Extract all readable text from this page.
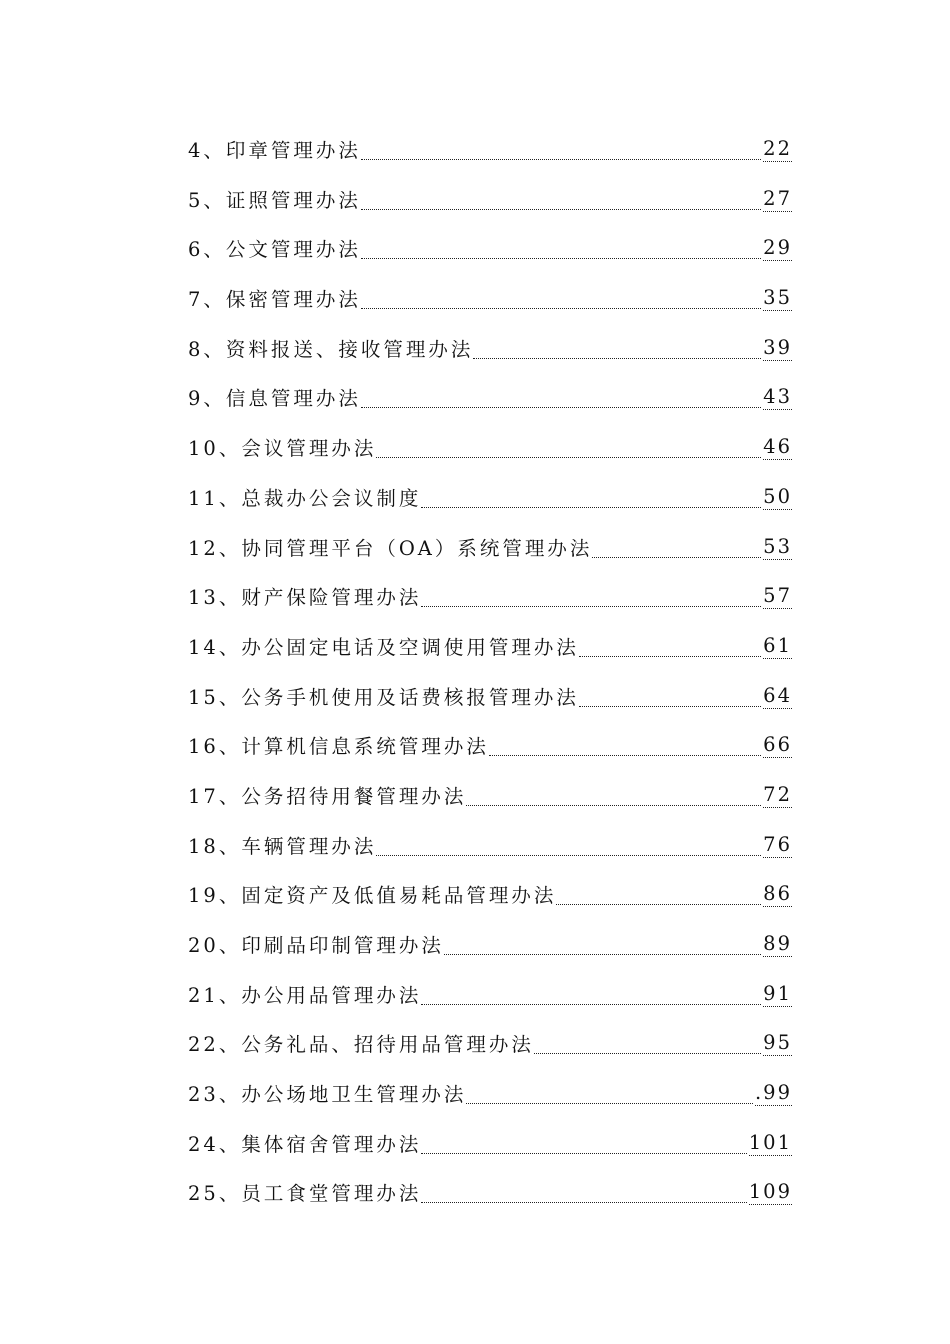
4、印章管理办法	22
5、证照管理办法	27
6、公文管理办法	29
7、保密管理办法	35
8、资料报送、接收管理办法	39
9、信息管理办法	43
10、会议管理办法	46
11、总裁办公会议制度	50
12、协同管理平台（OA）系统管理办法	53
13、财产保险管理办法	57
14、办公固定电话及空调使用管理办法	61
15、公务手机使用及话费核报管理办法	64
16、计算机信息系统管理办法	66
17、公务招待用餐管理办法	72
18、车辆管理办法	76
19、固定资产及低值易耗品管理办法	86
20、印刷品印制管理办法	89
21、办公用品管理办法	91
22、公务礼品、招待用品管理办法	95
23、办公场地卫生管理办法	.99
24、集体宿舍管理办法	101
25、员工食堂管理办法	109
